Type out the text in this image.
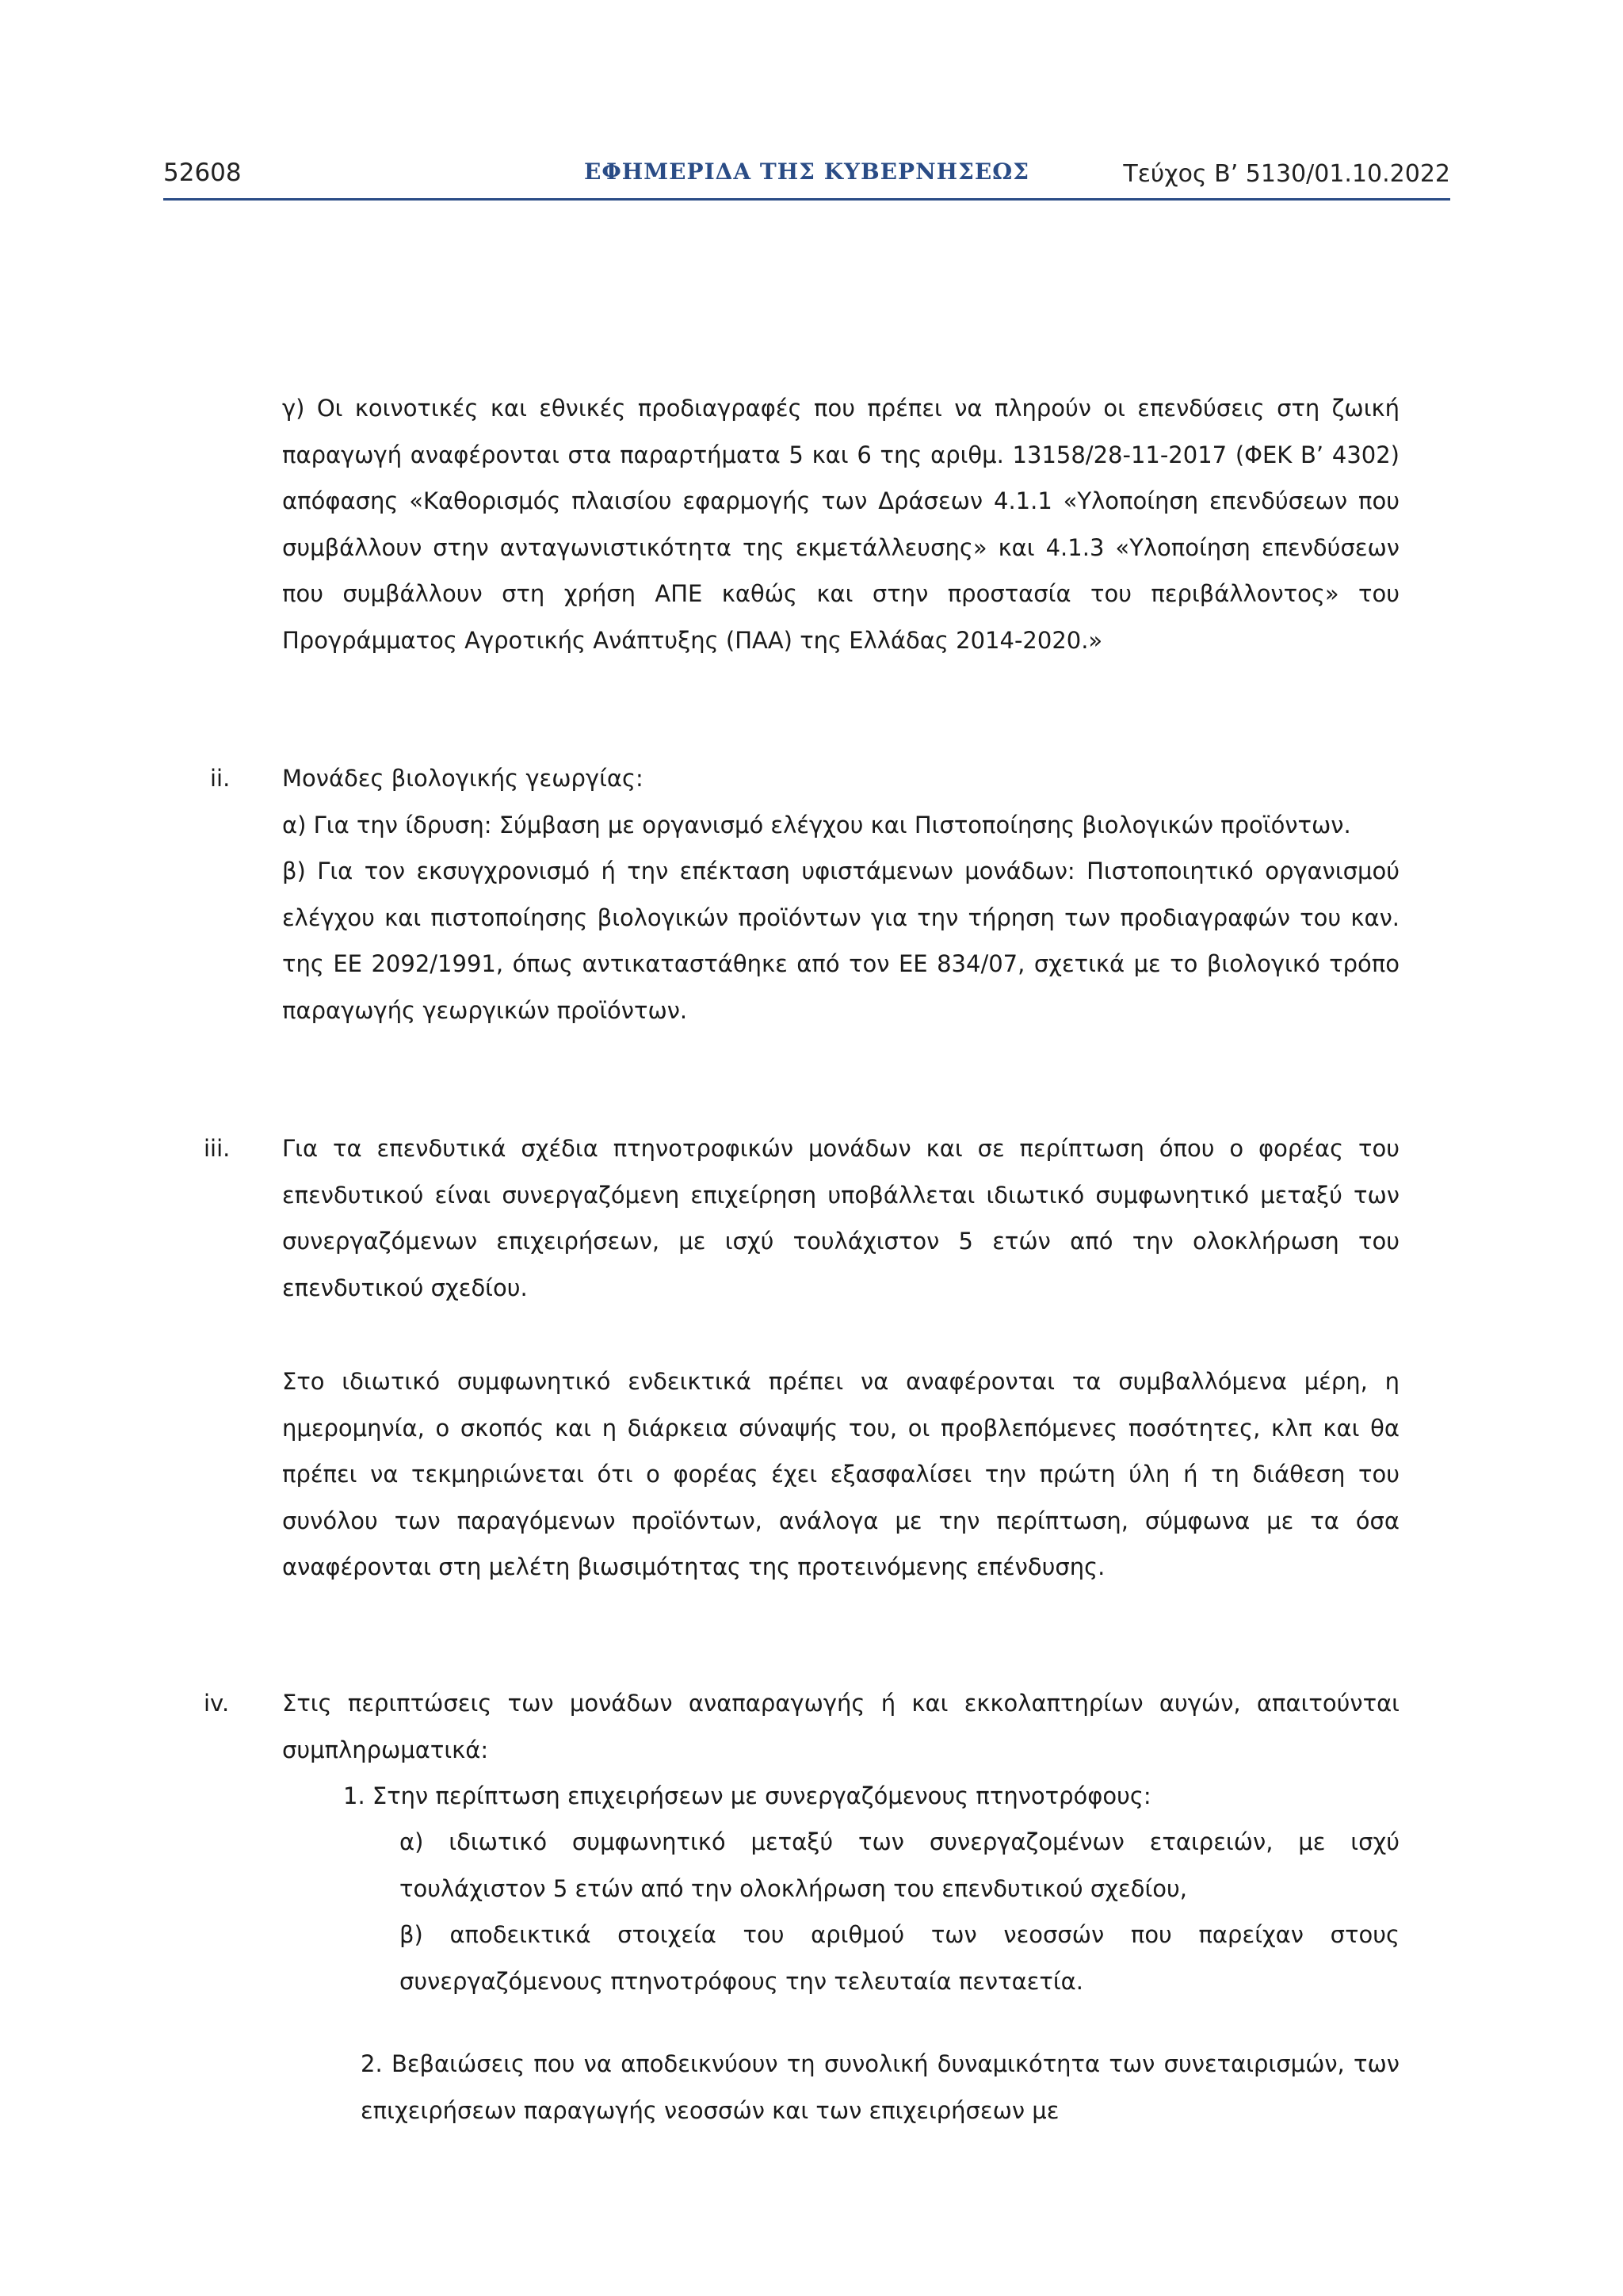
52608	ΕΦΗΜΕΡΙΔΑ ΤΗΣ ΚΥΒΕΡΝΗΣΕΩΣ	Τεύχος Β’ 5130/01.10.2022

γ) Οι κοινοτικές και εθνικές προδιαγραφές που πρέπει να πληρούν οι επενδύσεις στη ζωική παραγωγή αναφέρονται στα παραρτήματα 5 και 6 της αριθμ. 13158/28-11-2017 (ΦΕΚ Β’ 4302) απόφασης «Καθορισμός πλαισίου εφαρμογής των Δράσεων 4.1.1 «Υλοποίηση επενδύσεων που συμβάλλουν στην ανταγωνιστικότητα της εκμετάλλευσης» και 4.1.3 «Υλοποίηση επενδύσεων που συμβάλλουν στη χρήση ΑΠΕ καθώς και στην προστασία του περιβάλλοντος» του Προγράμματος Αγροτικής Ανάπτυξης (ΠΑΑ) της Ελλάδας 2014-2020.»

ii. Μονάδες βιολογικής γεωργίας:

α) Για την ίδρυση: Σύμβαση με οργανισμό ελέγχου και Πιστοποίησης βιολογικών προϊόντων.

β) Για τον εκσυγχρονισμό ή την επέκταση υφιστάμενων μονάδων: Πιστοποιητικό οργανισμού ελέγχου και πιστοποίησης βιολογικών προϊόντων για την τήρηση των προδιαγραφών του καν. της ΕΕ 2092/1991, όπως αντικαταστάθηκε από τον ΕΕ 834/07, σχετικά με το βιολογικό τρόπο παραγωγής γεωργικών προϊόντων.

iii. Για τα επενδυτικά σχέδια πτηνοτροφικών μονάδων και σε περίπτωση όπου ο φορέας του επενδυτικού είναι συνεργαζόμενη επιχείρηση υποβάλλεται ιδιωτικό συμφωνητικό μεταξύ των συνεργαζόμενων επιχειρήσεων, με ισχύ τουλάχιστον 5 ετών από την ολοκλήρωση του επενδυτικού σχεδίου.

Στο ιδιωτικό συμφωνητικό ενδεικτικά πρέπει να αναφέρονται τα συμβαλλόμενα μέρη, η ημερομηνία, ο σκοπός και η διάρκεια σύναψής του, οι προβλεπόμενες ποσότητες, κλπ και θα πρέπει να τεκμηριώνεται ότι ο φορέας έχει εξασφαλίσει την πρώτη ύλη ή τη διάθεση του συνόλου των παραγόμενων προϊόντων, ανάλογα με την περίπτωση, σύμφωνα με τα όσα αναφέρονται στη μελέτη βιωσιμότητας της προτεινόμενης επένδυσης.

iv. Στις περιπτώσεις των μονάδων αναπαραγωγής ή και εκκολαπτηρίων αυγών, απαιτούνται συμπληρωματικά:

1. Στην περίπτωση επιχειρήσεων με συνεργαζόμενους πτηνοτρόφους:

α) ιδιωτικό συμφωνητικό μεταξύ των συνεργαζομένων εταιρειών, με ισχύ τουλάχιστον 5 ετών από την ολοκλήρωση του επενδυτικού σχεδίου,

β) αποδεικτικά στοιχεία του αριθμού των νεοσσών που παρείχαν στους συνεργαζόμενους πτηνοτρόφους την τελευταία πενταετία.

2. Βεβαιώσεις που να αποδεικνύουν τη συνολική δυναμικότητα των συνεταιρισμών, των επιχειρήσεων παραγωγής νεοσσών και των επιχειρήσεων με
